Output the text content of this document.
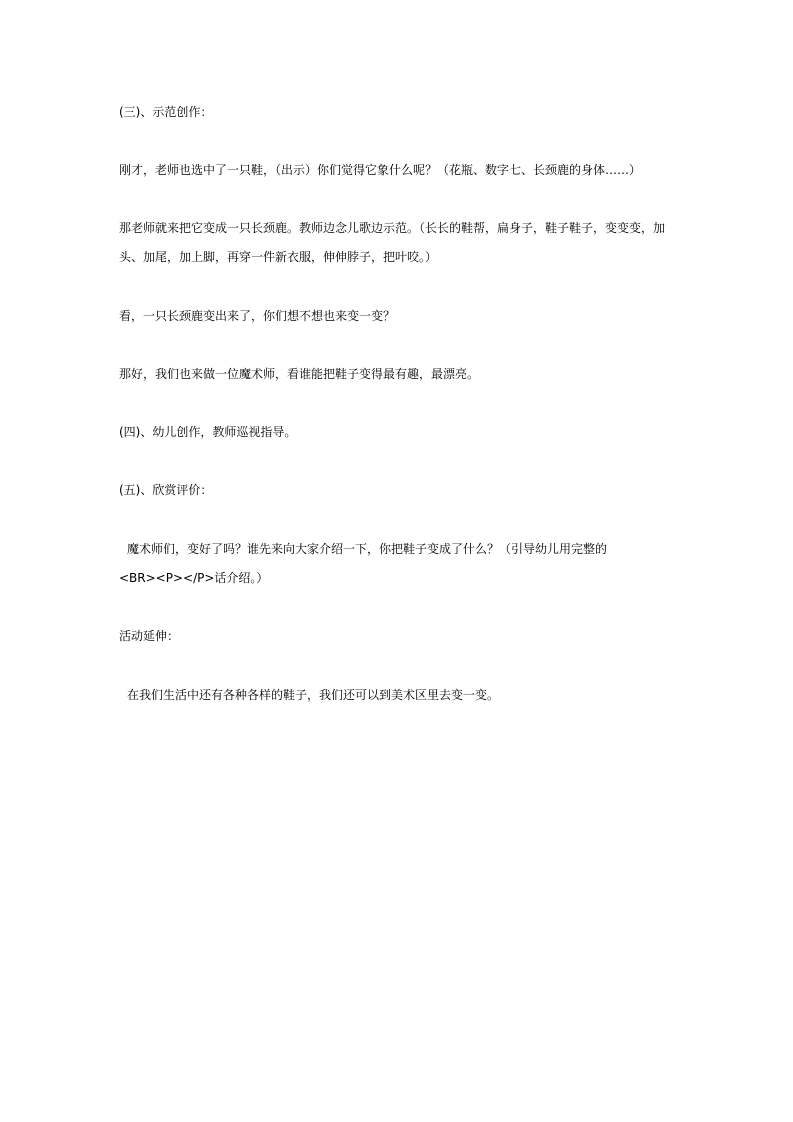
(三)、示范创作：
刚才，老师也选中了一只鞋，（出示）你们觉得它象什么呢？（花瓶、数字七、长颈鹿的身体……）
那老师就来把它变成一只长颈鹿。教师边念儿歌边示范。（长长的鞋帮，扁身子，鞋子鞋子，变变变，加
头、加尾，加上脚，再穿一件新衣服，伸伸脖子，把叶咬。）
看，一只长颈鹿变出来了，你们想不想也来变一变？
那好，我们也来做一位魔术师，看谁能把鞋子变得最有趣，最漂亮。
(四)、幼儿创作，教师巡视指导。
(五)、欣赏评价：
魔术师们，变好了吗？谁先来向大家介绍一下，你把鞋子变成了什么？（引导幼儿用完整的
<BR><P></P>话介绍。）
活动延伸：
在我们生活中还有各种各样的鞋子，我们还可以到美术区里去变一变。
